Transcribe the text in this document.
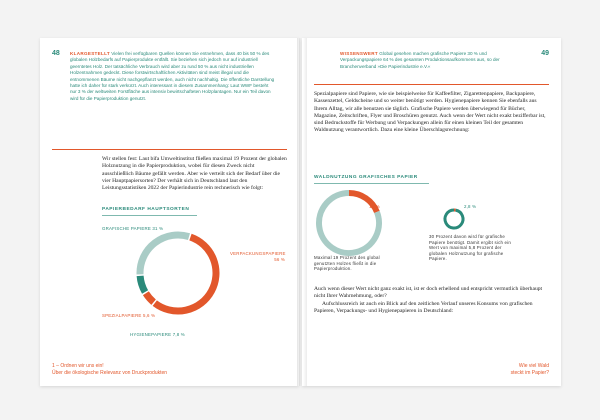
48 KLARGESTELLT Vielen frei verfügbaren Quellen können Sie entnehmen, dass 40 bis 50 % des globalen Holzbedarfs auf Papierprodukte entfällt. Sie beziehen sich jedoch nur auf industriell geerntetes Holz. Der tatsächliche Verbrauch wird aber zu rund 50 % aus nicht industriellen Holzentnahmen gedeckt. Diese forstwirtschaftlichen Aktivitäten sind meist illegal und die entnommenen Bäume nicht nachgepflanzt werden, auch nicht nachhaltig. Die öffentliche Darstellung hatte ich daher für stark verkürzt. Auch interessant in diesem Zusammenhang: Laut WWF besteht nur 3 % der weltweiten Forstfläche aus intensiv bewirtschafteten Holzplantagen. Nur ein Teil davon wird für die Papierproduktion genutzt.

Wir stellen fest: Laut bifa Umweltinstitut fließen maximal 19 Prozent der globalen Holznutzung in die Papierproduktion, wobei für diesen Zweck nicht ausschließlich Bäume gefällt werden. Aber wie verteilt sich der Bedarf über die vier Hauptpapiersorten? Der verhält sich in Deutschland laut den Leistungsstatistiken 2022 der Papierindustrie rein rechnerisch wie folgt:

PAPIERBEDARF HAUPTSORTEN
GRAFISCHE PAPIERE 31 %
VERPACKUNGSPAPIERE 56 %
SPEZIALPAPIERE 5,6 %
HYGIENEPAPIERE 7,8 %
1 – Ordnen wir uns ein!
Über die ökologische Relevanz von Druckprodukten
49
WISSENSWERT Global gesehen machen grafische Papiere 30 % und Verpackungspapiere 64 % des gesamten Produktionsaufkommens aus, so der Branchenverband »Die Papierindustrie e.V.«

Spezialpapiere sind Papiere, wie sie beispielweise für Kaffeefilter, Zigarettenpapiere, Backpapiere, Kassenzettel, Geldscheine und so weiter benötigt werden. Hygienepapiere kennen Sie ebenfalls aus Ihrem Alltag, wir alle benutzen sie täglich. Grafische Papiere werden überwiegend für Bücher, Magazine, Zeitschriften, Flyer und Broschüren genutzt. Auch wenn der Wert nicht exakt bezifferbar ist, sind Bedruckstoffe für Werbung und Verpackungen allein für einen kleinen Teil der gesamten Waldnutzung verantwortlich. Dazu eine kleine Überschlagsrechnung:

WALDNUTZUNG GRAFISCHES PAPIER
19 %	2,8 %
Maximal 19 Prozent des global genutzten Holzes fließt in die Papierproduktion.
30 Prozent davon wird für grafische Papiere benötigt. Damit ergibt sich ein Wert von maximal 5,8 Prozent der globalen Holznutzung für grafische Papiere.

Auch wenn dieser Wert nicht ganz exakt ist, ist er doch erhellend und entspricht vermutlich überhaupt nicht Ihrer Wahrnehmung, oder?

Aufschlussreich ist auch ein Blick auf den zeitlichen Verlauf unseres Konsums von grafischen Papieren, Verpackungs- und Hygienepapieren in Deutschland:

Wie viel Wald
steckt im Papier?
